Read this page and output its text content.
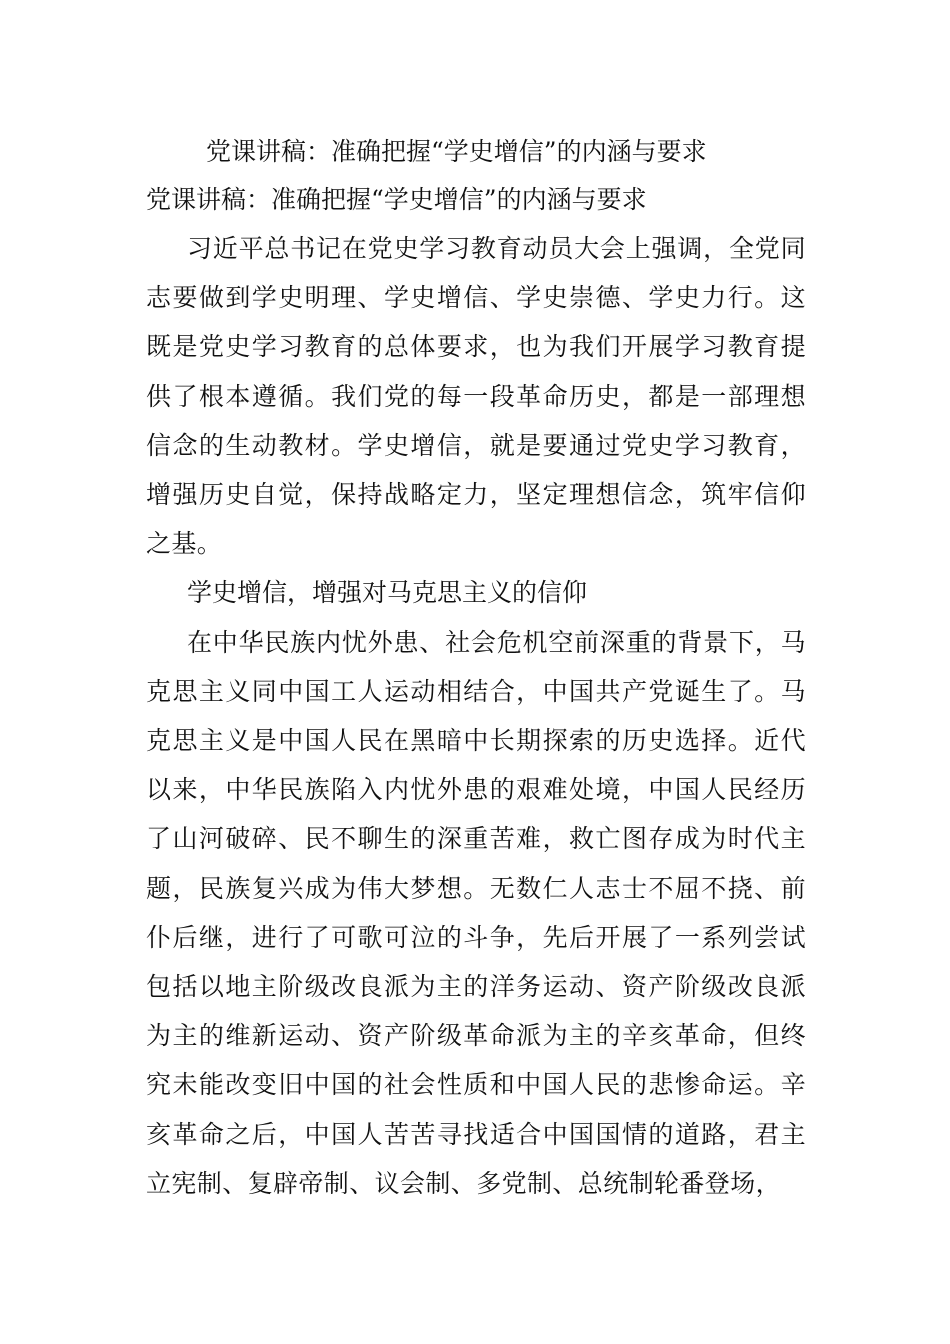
党课讲稿：准确把握“学史增信”的内涵与要求
党课讲稿：准确把握“学史增信”的内涵与要求

习近平总书记在党史学习教育动员大会上强调，全党同志要做到学史明理、学史增信、学史崇德、学史力行。这既是党史学习教育的总体要求，也为我们开展学习教育提供了根本遵循。我们党的每一段革命历史，都是一部理想信念的生动教材。学史增信，就是要通过党史学习教育，增强历史自觉，保持战略定力，坚定理想信念，筑牢信仰之基。

学史增信，增强对马克思主义的信仰

在中华民族内忧外患、社会危机空前深重的背景下，马克思主义同中国工人运动相结合，中国共产党诞生了。马克思主义是中国人民在黑暗中长期探索的历史选择。近代以来，中华民族陷入内忧外患的艰难处境，中国人民经历了山河破碎、民不聊生的深重苦难，救亡图存成为时代主题，民族复兴成为伟大梦想。无数仁人志士不屈不挠、前仆后继，进行了可歌可泣的斗争，先后开展了一系列尝试包括以地主阶级改良派为主的洋务运动、资产阶级改良派为主的维新运动、资产阶级革命派为主的辛亥革命，但终究未能改变旧中国的社会性质和中国人民的悲惨命运。辛亥革命之后，中国人苦苦寻找适合中国国情的道路，君主立宪制、复辟帝制、议会制、多党制、总统制轮番登场，
